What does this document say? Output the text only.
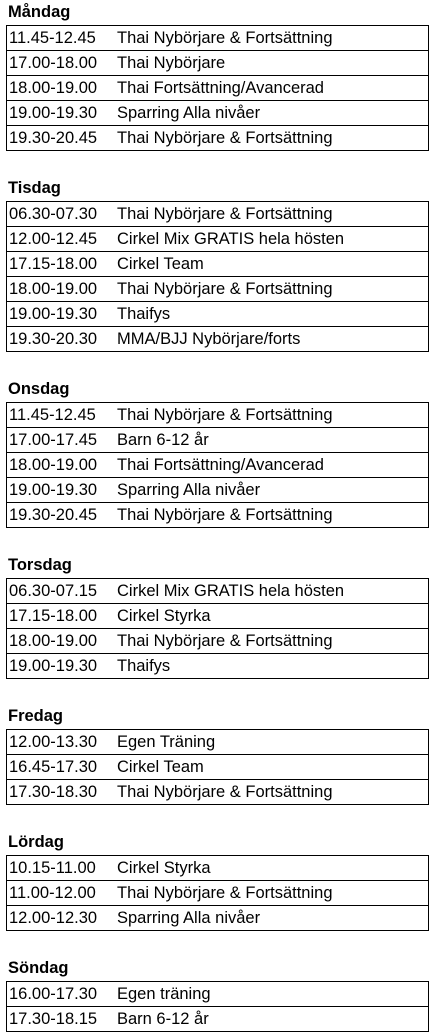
Måndag
11.45-12.45	Thai Nybörjare & Fortsättning
17.00-18.00	Thai Nybörjare
18.00-19.00	Thai Fortsättning/Avancerad
19.00-19.30	Sparring Alla nivåer
19.30-20.45	Thai Nybörjare & Fortsättning
Tisdag
06.30-07.30	Thai Nybörjare & Fortsättning
12.00-12.45	Cirkel Mix GRATIS hela hösten
17.15-18.00	Cirkel Team
18.00-19.00	Thai Nybörjare & Fortsättning
19.00-19.30	Thaifys
19.30-20.30	MMA/BJJ Nybörjare/forts
Onsdag
11.45-12.45	Thai Nybörjare & Fortsättning
17.00-17.45	Barn 6-12 år
18.00-19.00	Thai Fortsättning/Avancerad
19.00-19.30	Sparring Alla nivåer
19.30-20.45	Thai Nybörjare & Fortsättning
Torsdag
06.30-07.15	Cirkel Mix GRATIS hela hösten
17.15-18.00	Cirkel Styrka
18.00-19.00	Thai Nybörjare & Fortsättning
19.00-19.30	Thaifys
Fredag
12.00-13.30	Egen Träning
16.45-17.30	Cirkel Team
17.30-18.30	Thai Nybörjare & Fortsättning
Lördag
10.15-11.00	Cirkel Styrka
11.00-12.00	Thai Nybörjare & Fortsättning
12.00-12.30	Sparring Alla nivåer
Söndag
16.00-17.30	Egen träning
17.30-18.15	Barn 6-12 år
